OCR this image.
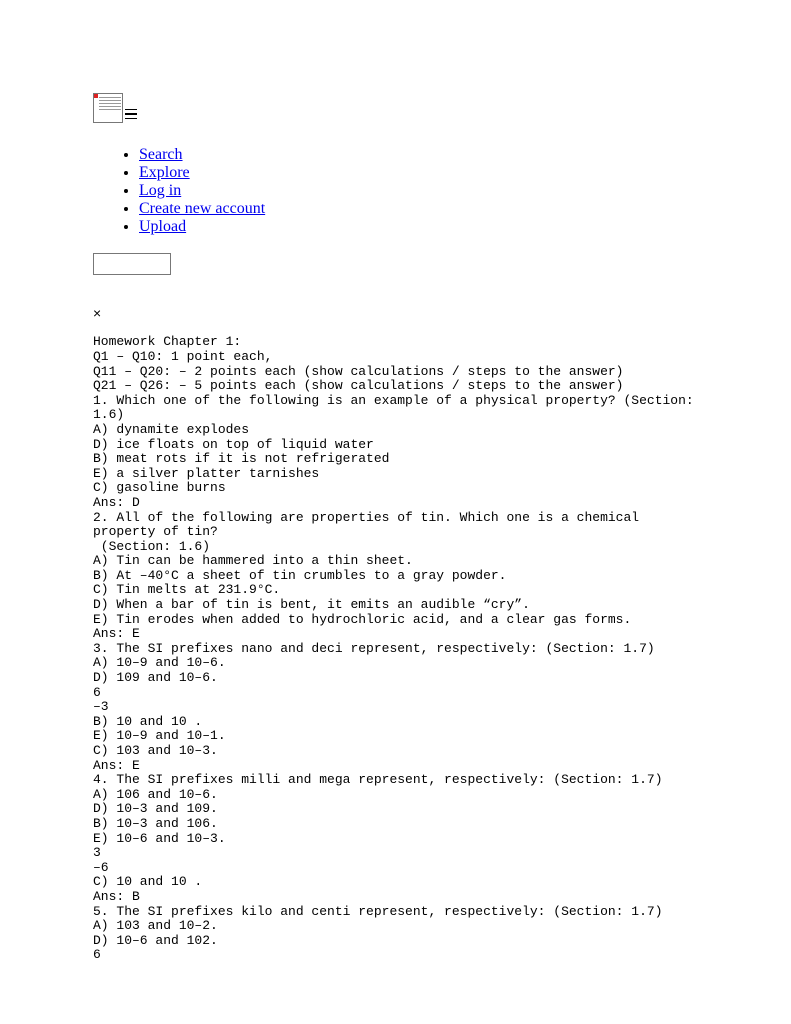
• Search
• Explore
• Log in
• Create new account
• Upload

×

Homework Chapter 1:
Q1 – Q10: 1 point each,
Q11 – Q20: – 2 points each (show calculations / steps to the answer)
Q21 – Q26: – 5 points each (show calculations / steps to the answer)
1. Which one of the following is an example of a physical property? (Section:
1.6)
A) dynamite explodes
D) ice floats on top of liquid water
B) meat rots if it is not refrigerated
E) a silver platter tarnishes
C) gasoline burns
Ans: D
2. All of the following are properties of tin. Which one is a chemical
property of tin?
(Section: 1.6)
A) Tin can be hammered into a thin sheet.
B) At –40°C a sheet of tin crumbles to a gray powder.
C) Tin melts at 231.9°C.
D) When a bar of tin is bent, it emits an audible “cry”.
E) Tin erodes when added to hydrochloric acid, and a clear gas forms.
Ans: E
3. The SI prefixes nano and deci represent, respectively: (Section: 1.7)
A) 10–9 and 10–6.
D) 109 and 10–6.
6
–3
B) 10 and 10 .
E) 10–9 and 10–1.
C) 103 and 10–3.
Ans: E
4. The SI prefixes milli and mega represent, respectively: (Section: 1.7)
A) 106 and 10–6.
D) 10–3 and 109.
B) 10–3 and 106.
E) 10–6 and 10–3.
3
–6
C) 10 and 10 .
Ans: B
5. The SI prefixes kilo and centi represent, respectively: (Section: 1.7)
A) 103 and 10–2.
D) 10–6 and 102.
6
